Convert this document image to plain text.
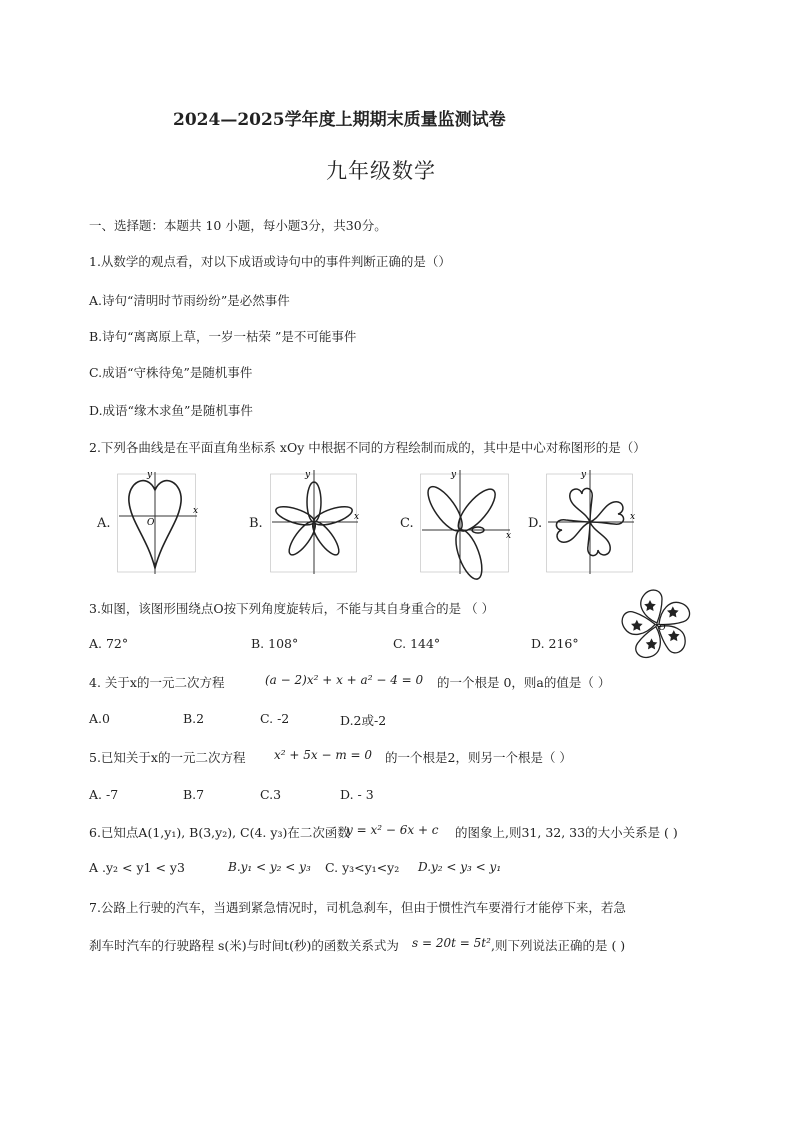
2024—2025学年度上期期末质量监测试卷
九年级数学
一、选择题：本题共 10 小题，每小题3分，共30分。
1.从数学的观点看，对以下成语或诗句中的事件判断正确的是（）
A.诗句“清明时节雨纷纷”是必然事件
B.诗句“离离原上草，一岁一枯荣 ”是不可能事件
C.成语“守株待兔”是随机事件
D.成语“缘木求鱼”是随机事件
2.下列各曲线是在平面直角坐标系 xOy 中根据不同的方程绘制而成的，其中是中心对称图形的是（）
A.
y
x
O	B.
y
x	C.
y
x
D.
y
x
3.如图，该图形围绕点O按下列角度旋转后，不能与其自身重合的是 （ ）
A. 72°	B. 108°	C. 144°	D. 216°
O
4. 关于x的一元二次方程	(a − 2)x² + x + a² − 4 = 0 的一个根是 0，则a的值是（ ）
A.0	B.2	C. -2	D.2或-2
5.已知关于x的一元二次方程 x² + 5x − m = 0 的一个根是2，则另一个根是（ ）
A. -7	B.7	C.3	D. - 3
6.已知点A(1,y₁), B(3,y₂), C(4. y₃)在二次函数
y = x² − 6x + c 的图象上,则31, 32, 33的大小关系是 ( )
A .y₂ < y1 < y3	B.y₁ < y₂ < y₃ C. y₃<y₁<y₂ D.y₂ < y₃ < y₁
7.公路上行驶的汽车，当遇到紧急情况时，司机急刹车，但由于惯性汽车要滑行才能停下来，若急
刹车时汽车的行驶路程 s(米)与时间t(秒)的函数关系式为 s = 20t = 5t² ,则下列说法正确的是 ( )
